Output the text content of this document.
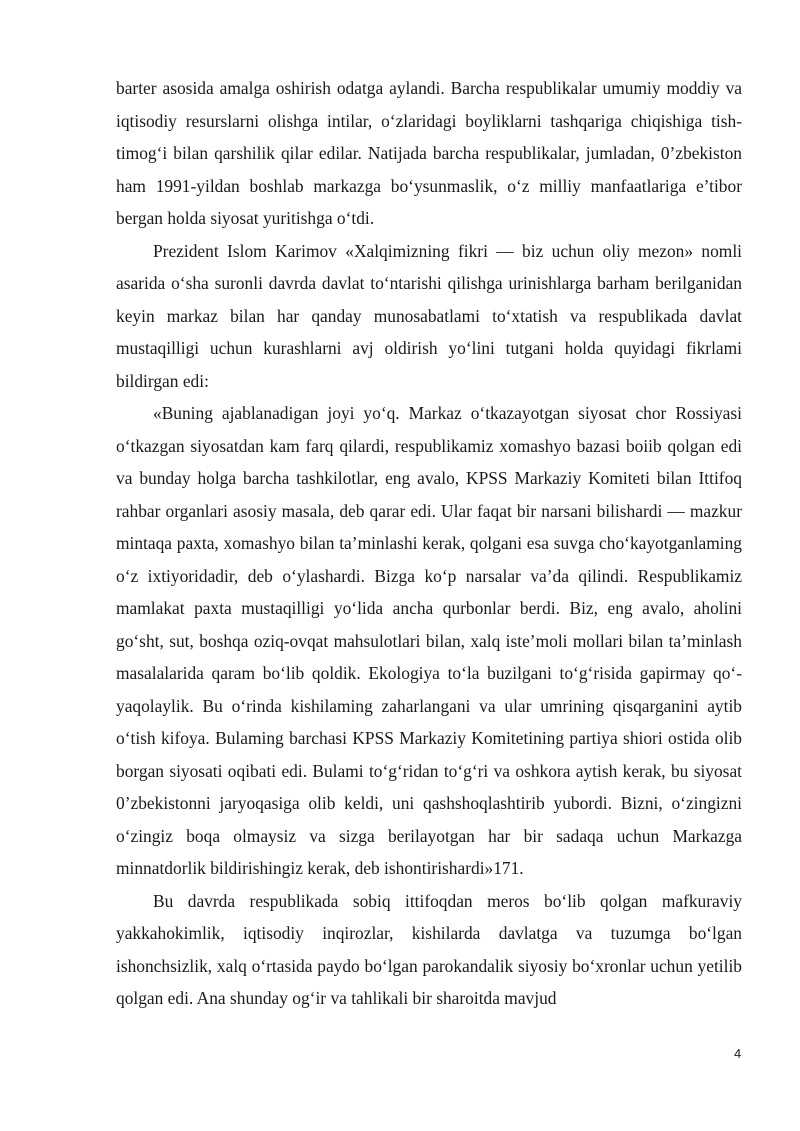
barter asosida amalga oshirish odatga aylandi. Barcha respublikalar umumiy moddiy va iqtisodiy resurslarni olishga intilar, o‘zlaridagi boyliklarni tashqariga chiqishiga tish- timog‘i bilan qarshilik qilar edilar. Natijada barcha respublikalar, jumladan, 0’zbekiston ham 1991-yildan boshlab markazga bo‘ysunmaslik, o‘z milliy manfaatlariga e’tibor bergan holda siyosat yuritishga o‘tdi.

Prezident Islom Karimov «Xalqimizning fikri — biz uchun oliy mezon» nomli asarida o‘sha suronli davrda davlat to‘ntarishi qilishga urinishlarga barham berilganidan keyin markaz bilan har qanday munosabatlami to‘xtatish va respublikada davlat mustaqilligi uchun kurashlarni avj oldirish yo‘lini tutgani holda quyidagi fikrlami bildirgan edi:

«Buning ajablanadigan joyi yo‘q. Markaz o‘tkazayotgan siyosat chor Rossiyasi o‘tkazgan siyosatdan kam farq qilardi, respublikamiz xomashyo bazasi boiib qolgan edi va bunday holga barcha tashkilotlar, eng avalo, KPSS Markaziy Komiteti bilan Ittifoq rahbar organlari asosiy masala, deb qarar edi. Ular faqat bir narsani bilishardi — mazkur mintaqa paxta, xomashyo bilan ta’minlashi kerak, qolgani esa suvga cho‘kayotganlaming o‘z ixtiyoridadir, deb o‘ylashardi. Bizga ko‘p narsalar va’da qilindi. Respublikamiz mamlakat paxta mustaqilligi yo‘lida ancha qurbonlar berdi. Biz, eng avalo, aholini go‘sht, sut, boshqa oziq-ovqat mahsulotlari bilan, xalq iste’moli mollari bilan ta’minlash masalalarida qaram bo‘lib qoldik. Ekologiya to‘la buzilgani to‘g‘risida gapirmay qo‘- yaqolaylik. Bu o‘rinda kishilaming zaharlangani va ular umrining qisqarganini aytib o‘tish kifoya. Bulaming barchasi KPSS Markaziy Komitetining partiya shiori ostida olib borgan siyosati oqibati edi. Bulami to‘g‘ridan to‘g‘ri va oshkora aytish kerak, bu siyosat 0’zbekistonni jaryoqasiga olib keldi, uni qashshoqlashtirib yubordi. Bizni, o‘zingizni o‘zingiz boqa olmaysiz va sizga berilayotgan har bir sadaqa uchun Markazga minnatdorlik bildirishingiz kerak, deb ishontirishardi»171.

Bu davrda respublikada sobiq ittifoqdan meros bo‘lib qolgan mafkuraviy yakkahokimlik, iqtisodiy inqirozlar, kishilarda davlatga va tuzumga bo‘lgan ishonchsizlik, xalq o‘rtasida paydo bo‘lgan parokandalik siyosiy bo‘xronlar uchun yetilib qolgan edi. Ana shunday og‘ir va tahlikali bir sharoitda mavjud

4
